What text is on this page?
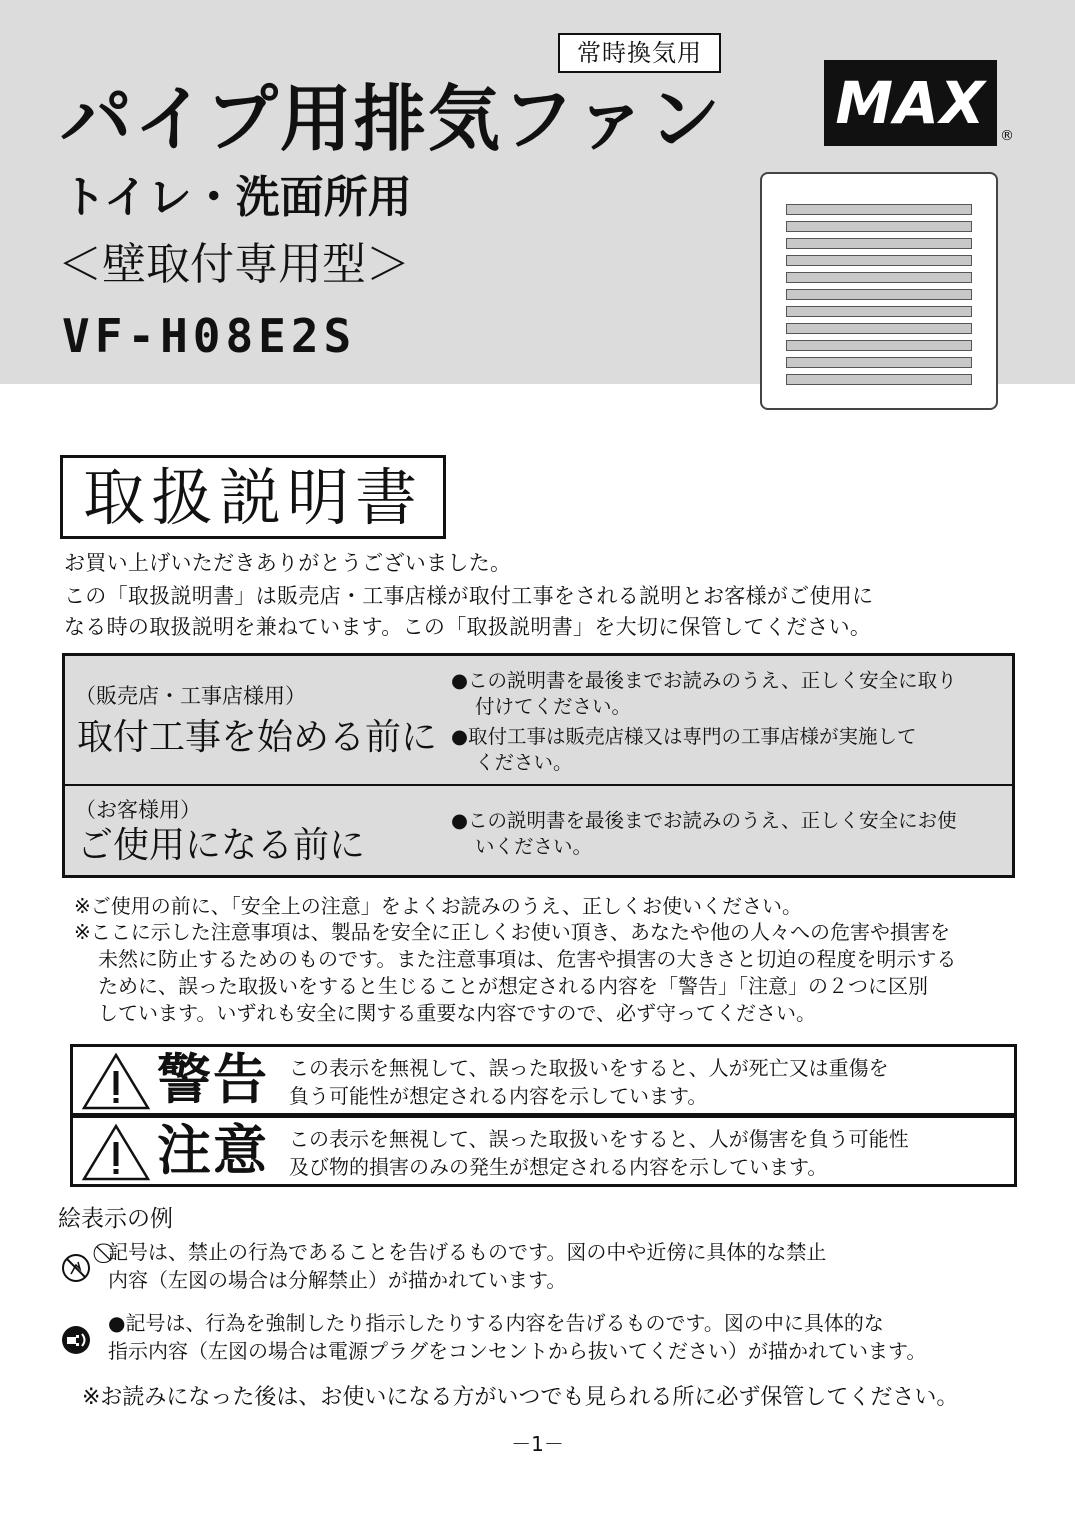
常時換気用
パイプ用排気ファン
トイレ・洗面所用
＜壁取付専用型＞
VF-H08E2S
MAX	®
取扱説明書
お買い上げいただきありがとうございました。
この「取扱説明書」は販売店・工事店様が取付工事をされる説明とお客様がご使用に
なる時の取扱説明を兼ねています。この「取扱説明書」を大切に保管してください。
（販売店・工事店様用）
取付工事を始める前に
●この説明書を最後までお読みのうえ、正しく安全に取り
付けてください。
●取付工事は販売店様又は専門の工事店様が実施して
ください。
（お客様用）
ご使用になる前に
●この説明書を最後までお読みのうえ、正しく安全にお使
いください。
※ご使用の前に、「安全上の注意」をよくお読みのうえ、正しくお使いください。
※ここに示した注意事項は、製品を安全に正しくお使い頂き、あなたや他の人々への危害や損害を
未然に防止するためのものです。また注意事項は、危害や損害の大きさと切迫の程度を明示する
ために、誤った取扱いをすると生じることが想定される内容を「警告」「注意」の２つに区別
しています。いずれも安全に関する重要な内容ですので、必ず守ってください。
警告 この表示を無視して、誤った取扱いをすると、人が死亡又は重傷を
負う可能性が想定される内容を示しています。
注意 この表示を無視して、誤った取扱いをすると、人が傷害を負う可能性
及び物的損害のみの発生が想定される内容を示しています。
絵表示の例
⃠記号は、禁止の行為であることを告げるものです。図の中や近傍に具体的な禁止
内容（左図の場合は分解禁止）が描かれています。
●記号は、行為を強制したり指示したりする内容を告げるものです。図の中に具体的な
指示内容（左図の場合は電源プラグをコンセントから抜いてください）が描かれています。
※お読みになった後は、お使いになる方がいつでも見られる所に必ず保管してください。
－1－
